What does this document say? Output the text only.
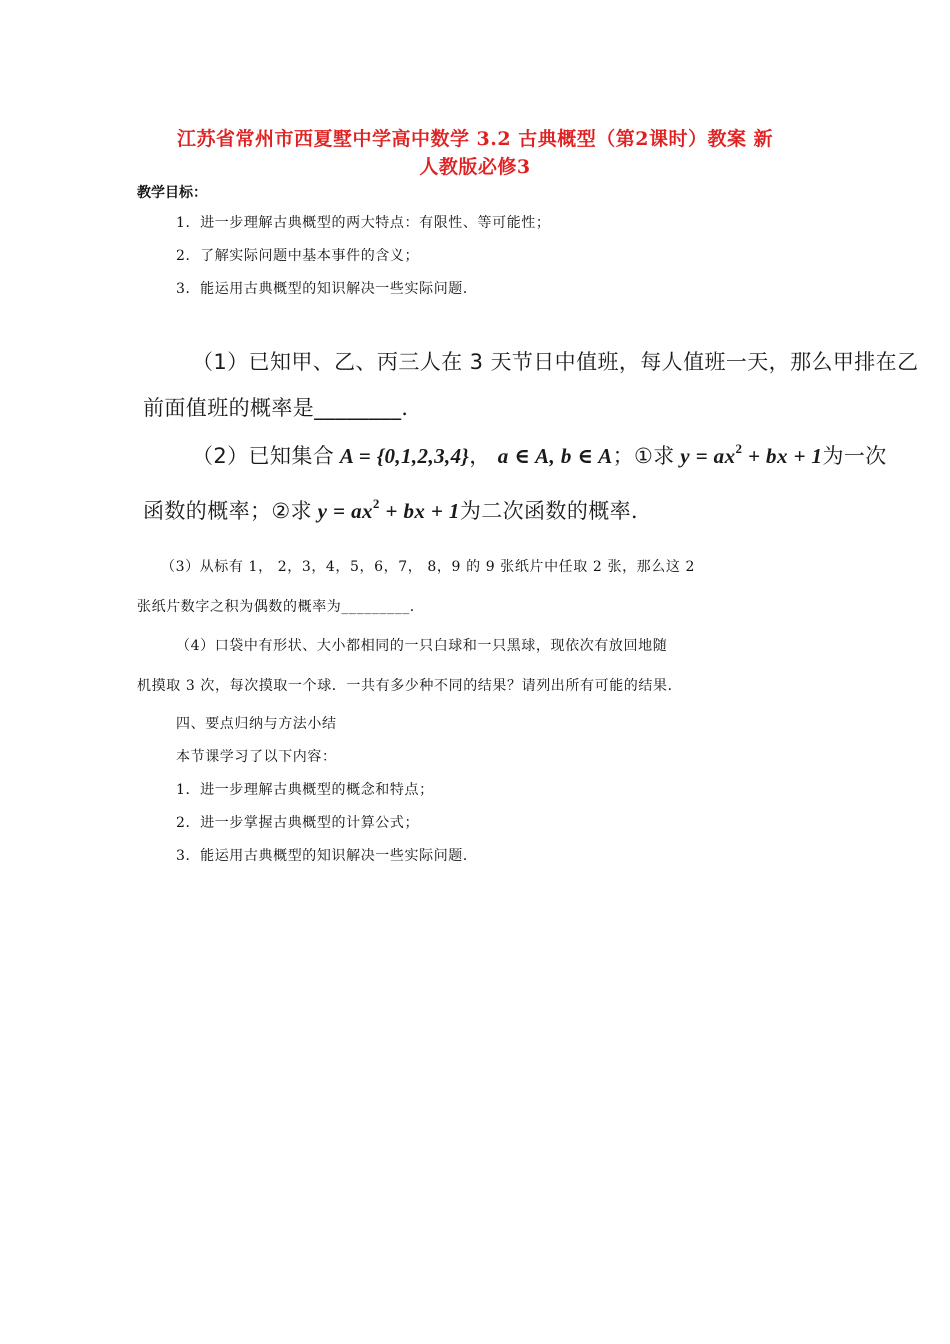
江苏省常州市西夏墅中学高中数学 3.2 古典概型（第2课时）教案 新
人教版必修3
教学目标：
1．进一步理解古典概型的两大特点：有限性、等可能性；
2．了解实际问题中基本事件的含义；
3．能运用古典概型的知识解决一些实际问题．
（1）已知甲、乙、丙三人在 3 天节日中值班，每人值班一天，那么甲排在乙
前面值班的概率是________．
（2）已知集合 A = {0,1,2,3,4}， a ∈ A, b ∈ A；①求 $y = ax^2$ + bx + 1为一次
函数的概率；②求 $y = ax^2$ + bx + 1为二次函数的概率．
（3）从标有 1， 2，3，4，5，6，7， 8，9 的 9 张纸片中任取 2 张，那么这 2
张纸片数字之积为偶数的概率为_________．
（4）口袋中有形状、大小都相同的一只白球和一只黑球，现依次有放回地随
机摸取 3 次，每次摸取一个球．一共有多少种不同的结果？请列出所有可能的结果．
四、要点归纳与方法小结
本节课学习了以下内容：
1．进一步理解古典概型的概念和特点；
2．进一步掌握古典概型的计算公式；
3．能运用古典概型的知识解决一些实际问题．
